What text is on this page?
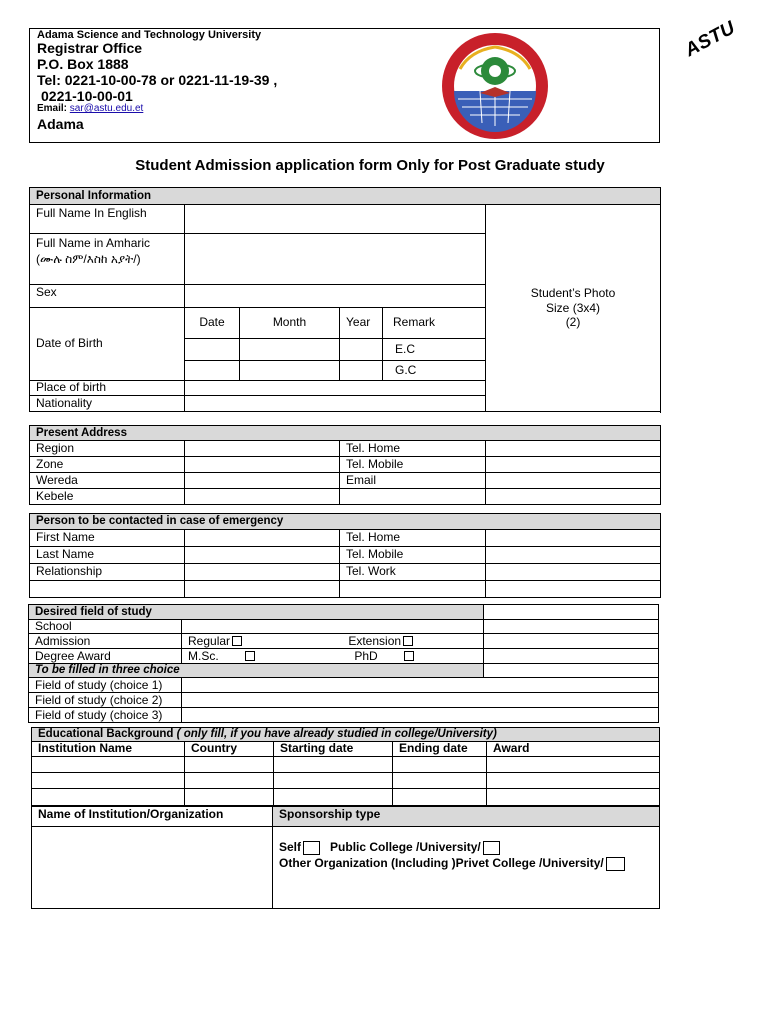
Adama Science and Technology University
Registrar Office
P.O. Box 1888
Tel: 0221-10-00-78 or 0221-11-19-39 ,
0221-10-00-01
Email: sar@astu.edu.et
Adama
ASTU
Student Admission application form Only for Post Graduate study
Personal Information					
Full Name In English					Student’s Photo
Size (3x4)
(2)

Full Name in Amharic
(ሙሉ ስም/እስከ አያት/)					

Sex					
Date of Birth	Date	Month	Year	Remark	
				E.C	
				G.C	
Place of birth					
Nationality					

Present Address			
Region		Tel. Home	
Zone		Tel. Mobile	
Wereda		Email	
Kebele			
Person to be contacted in case of emergency			
First Name		Tel. Home	
Last Name		Tel. Mobile	
Relationship		Tel. Work	

Desired field of study		
School		
Admission	Regular Extension	
Degree Award	M.Sc. PhD	
To be filled in three choice		
Field of study (choice 1)		
Field of study (choice 2)		
Field of study (choice 3)		
Educational Background ( only fill, if you have already studied in college/University)				
Institution Name	Country	Starting date	Ending date	Award

Name of Institution/Organization	Sponsorship type

	Self Public College /University/
Other Organization (Including )Privet College /University/
